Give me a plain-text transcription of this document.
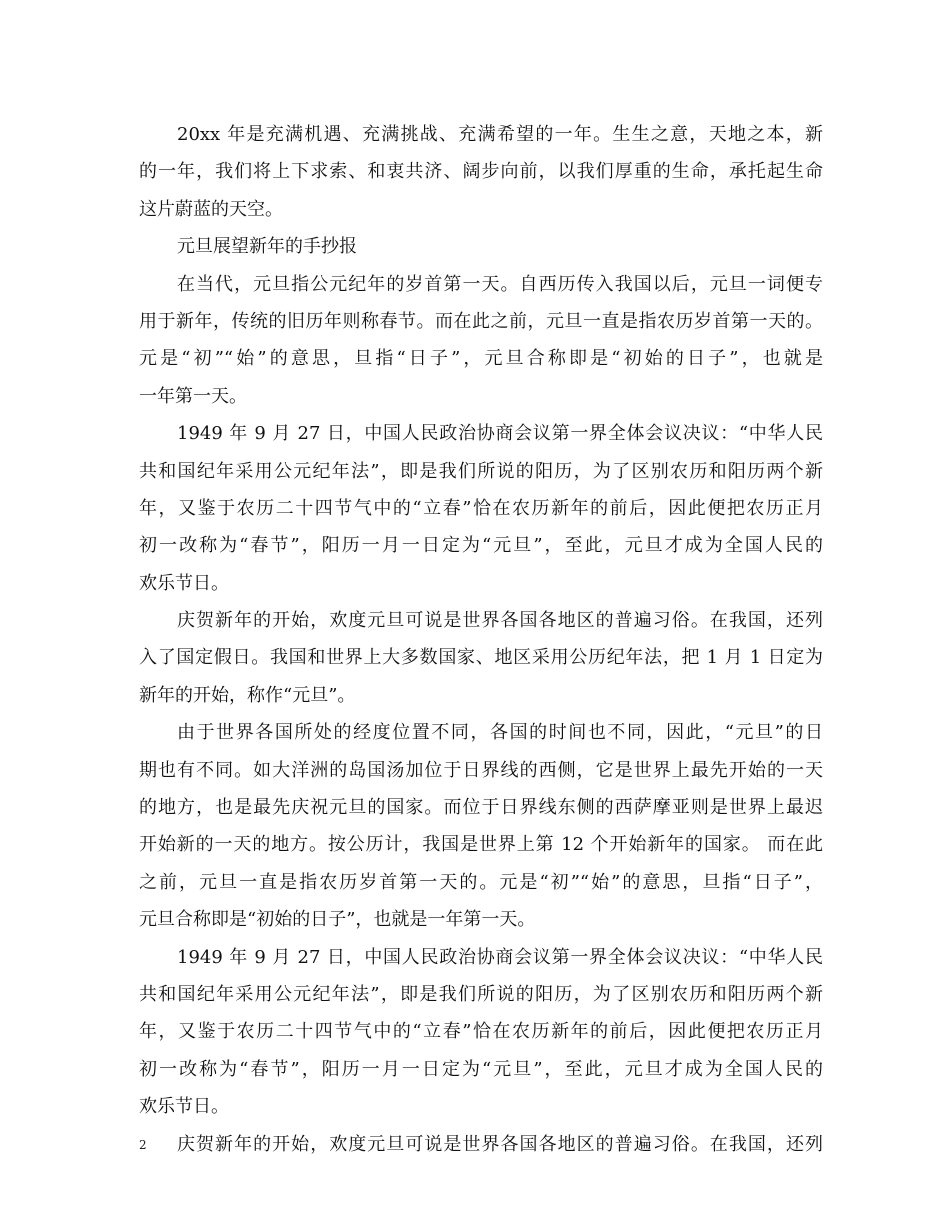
20xx 年是充满机遇、充满挑战、充满希望的一年。生生之意，天地之本，新
的一年，我们将上下求索、和衷共济、阔步向前，以我们厚重的生命，承托起生命
这片蔚蓝的天空。
元旦展望新年的手抄报
在当代，元旦指公元纪年的岁首第一天。自西历传入我国以后，元旦一词便专
用于新年，传统的旧历年则称春节。而在此之前，元旦一直是指农历岁首第一天的。
元是“初”“始”的意思，旦指“日子”，元旦合称即是“初始的日子”，也就是
一年第一天。
1949 年 9 月 27 日，中国人民政治协商会议第一界全体会议决议：“中华人民
共和国纪年采用公元纪年法”，即是我们所说的阳历，为了区别农历和阳历两个新
年，又鉴于农历二十四节气中的“立春”恰在农历新年的前后，因此便把农历正月
初一改称为“春节”，阳历一月一日定为“元旦”，至此，元旦才成为全国人民的
欢乐节日。
庆贺新年的开始，欢度元旦可说是世界各国各地区的普遍习俗。在我国，还列
入了国定假日。我国和世界上大多数国家、地区采用公历纪年法，把 1 月 1 日定为
新年的开始，称作“元旦”。
由于世界各国所处的经度位置不同，各国的时间也不同，因此，“元旦”的日
期也有不同。如大洋洲的岛国汤加位于日界线的西侧，它是世界上最先开始的一天
的地方，也是最先庆祝元旦的国家。而位于日界线东侧的西萨摩亚则是世界上最迟
开始新的一天的地方。按公历计，我国是世界上第 12 个开始新年的国家。 而在此
之前，元旦一直是指农历岁首第一天的。元是“初”“始”的意思，旦指“日子”，
元旦合称即是“初始的日子”，也就是一年第一天。
1949 年 9 月 27 日，中国人民政治协商会议第一界全体会议决议：“中华人民
共和国纪年采用公元纪年法”，即是我们所说的阳历，为了区别农历和阳历两个新
年，又鉴于农历二十四节气中的“立春”恰在农历新年的前后，因此便把农历正月
初一改称为“春节”，阳历一月一日定为“元旦”，至此，元旦才成为全国人民的
欢乐节日。
庆贺新年的开始，欢度元旦可说是世界各国各地区的普遍习俗。在我国，还列
2
